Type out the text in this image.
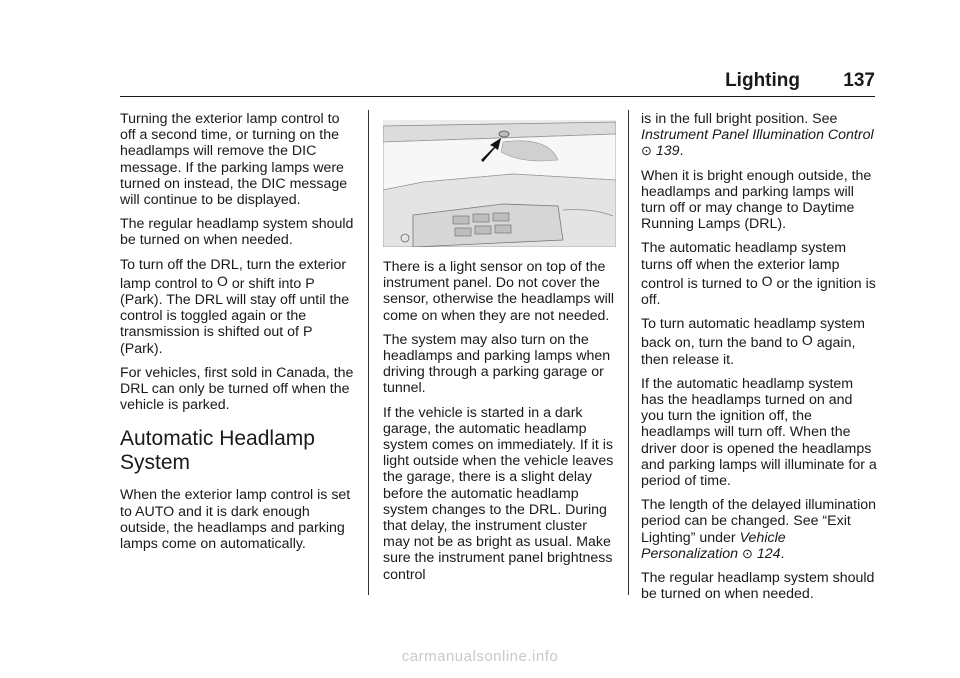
Lighting 137

Turning the exterior lamp control to off a second time, or turning on the headlamps will remove the DIC message. If the parking lamps were turned on instead, the DIC message will continue to be displayed.

The regular headlamp system should be turned on when needed.

To turn off the DRL, turn the exterior lamp control to O or shift into P (Park). The DRL will stay off until the control is toggled again or the transmission is shifted out of P (Park).

For vehicles, first sold in Canada, the DRL can only be turned off when the vehicle is parked.

Automatic Headlamp System

When the exterior lamp control is set to AUTO and it is dark enough outside, the headlamps and parking lamps come on automatically.

There is a light sensor on top of the instrument panel. Do not cover the sensor, otherwise the headlamps will come on when they are not needed.

The system may also turn on the headlamps and parking lamps when driving through a parking garage or tunnel.

If the vehicle is started in a dark garage, the automatic headlamp system comes on immediately. If it is light outside when the vehicle leaves the garage, there is a slight delay before the automatic headlamp system changes to the DRL. During that delay, the instrument cluster may not be as bright as usual. Make sure the instrument panel brightness control

is in the full bright position. See Instrument Panel Illumination Control ⊙ 139.

When it is bright enough outside, the headlamps and parking lamps will turn off or may change to Daytime Running Lamps (DRL).

The automatic headlamp system turns off when the exterior lamp control is turned to O or the ignition is off.

To turn automatic headlamp system back on, turn the band to O again, then release it.

If the automatic headlamp system has the headlamps turned on and you turn the ignition off, the headlamps will turn off. When the driver door is opened the headlamps and parking lamps will illuminate for a period of time.

The length of the delayed illumination period can be changed. See “Exit Lighting” under Vehicle Personalization ⊙ 124.

The regular headlamp system should be turned on when needed.

carmanualsonline.info
